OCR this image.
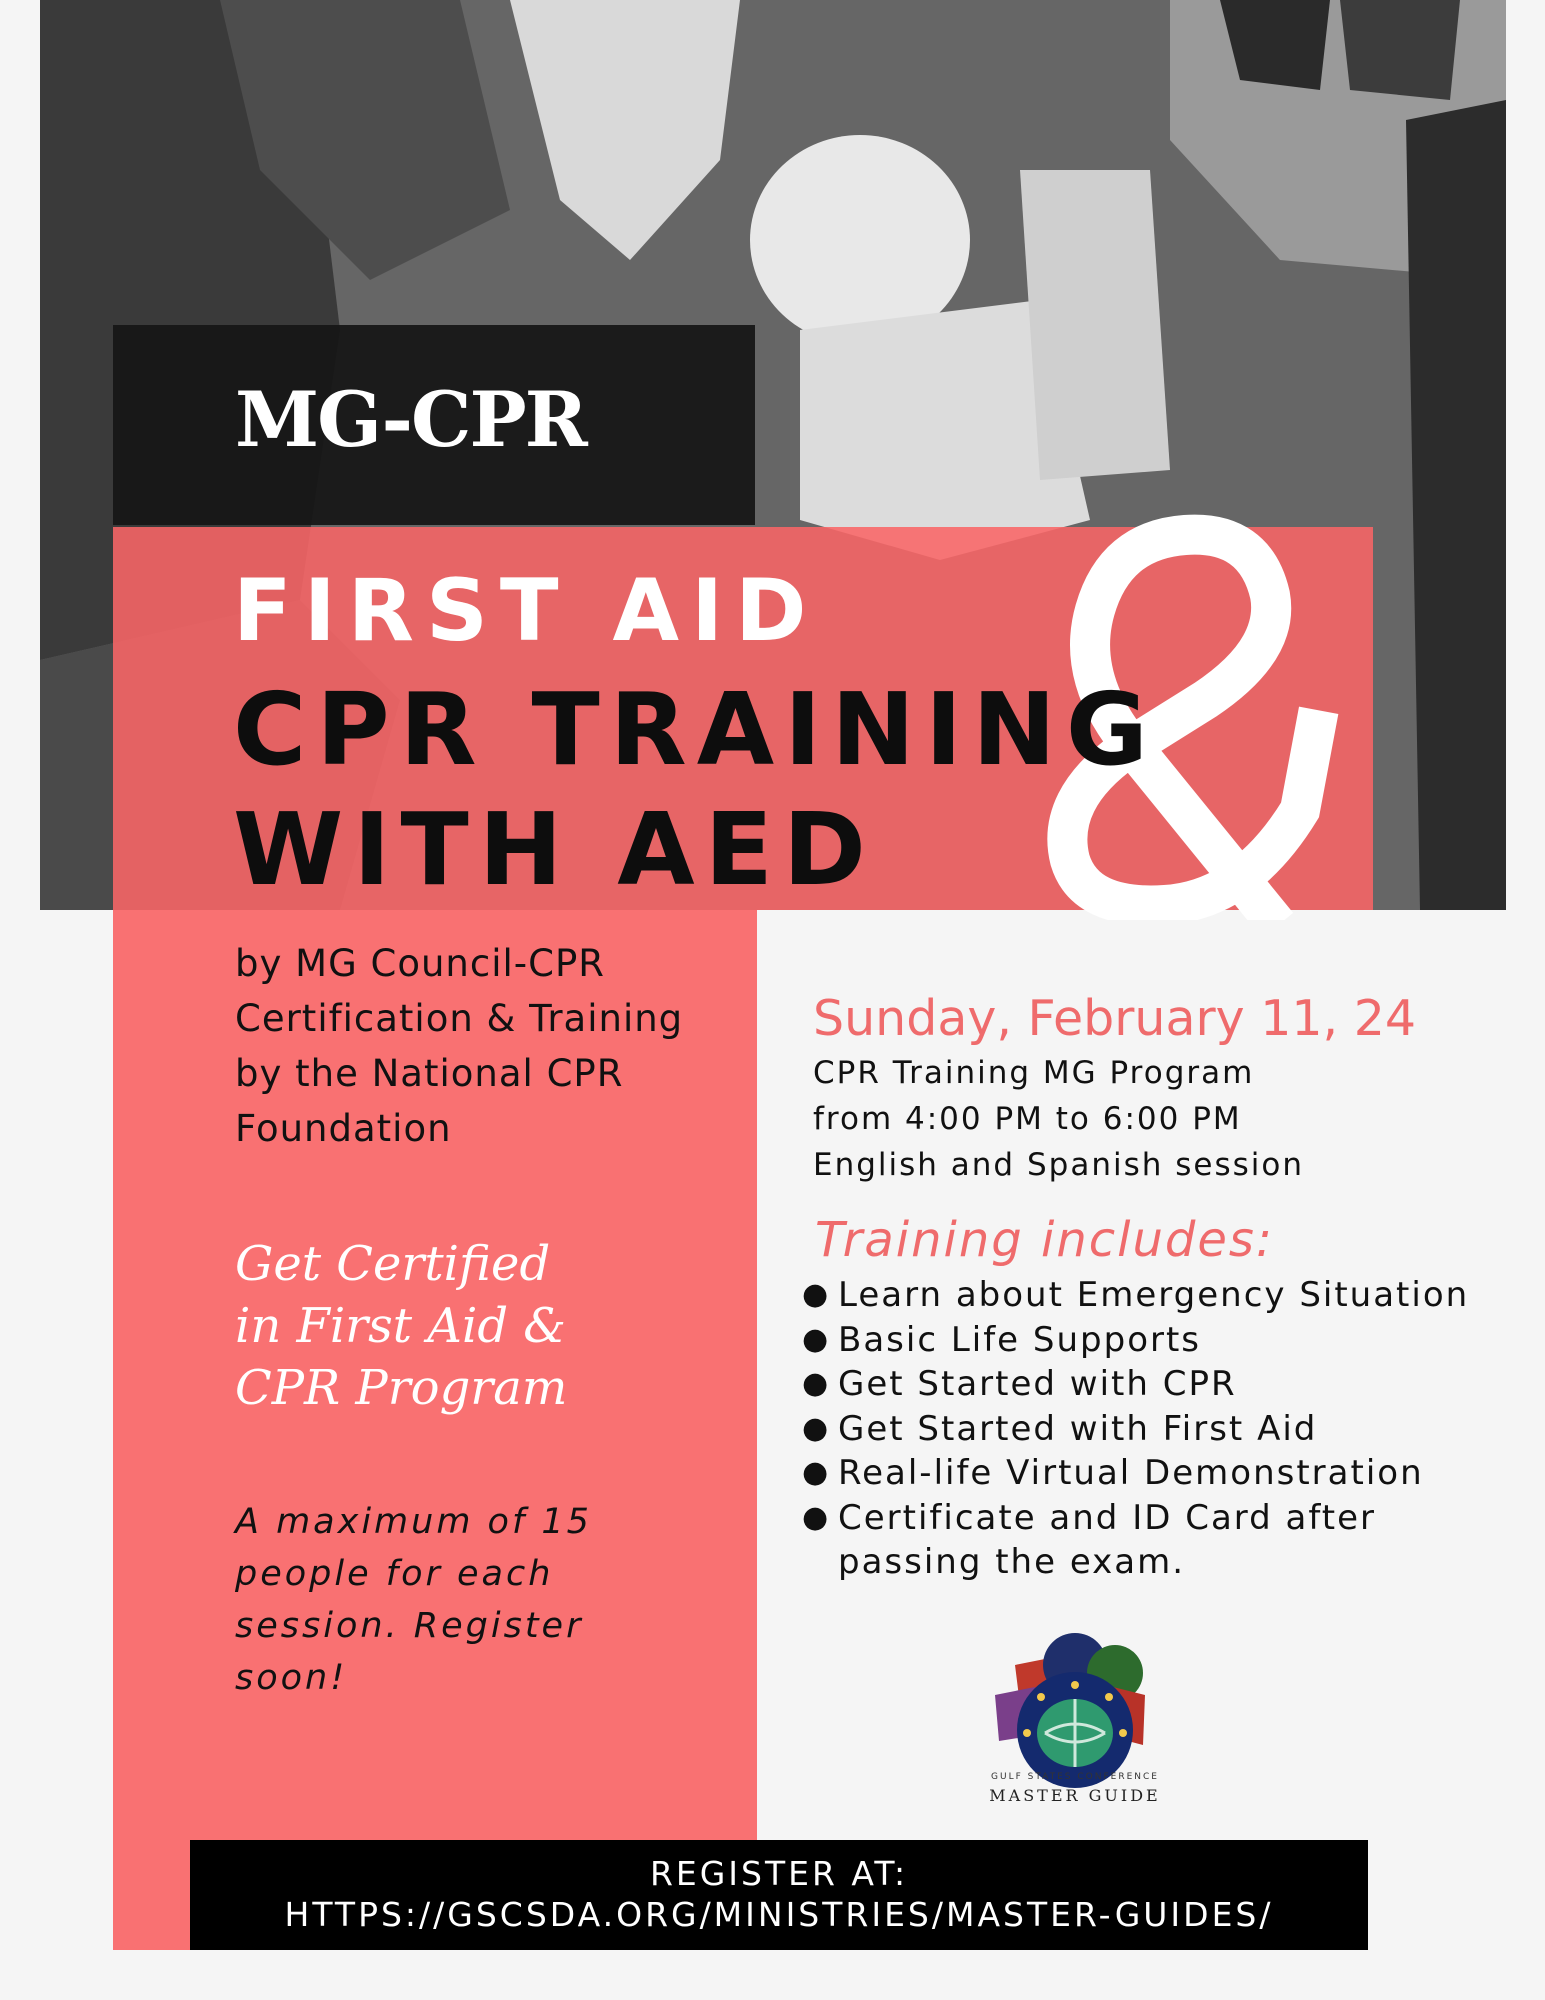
MG-CPR
FIRST AID
CPR TRAINING
WITH AED
by MG Council-CPR
Certification & Training
by the National CPR
Foundation
Get Certified
in First Aid &
CPR Program
A maximum of 15
people for each
session. Register
soon!
Sunday, February 11, 24
CPR Training MG Program
from 4:00 PM to 6:00 PM
English and Spanish session
Training includes:
● Learn about Emergency Situation
● Basic Life Supports
● Get Started with CPR
● Get Started with First Aid
● Real-life Virtual Demonstration
● Certificate and ID Card after passing the exam.
GULF STATES CONFERENCE
MASTER GUIDE
REGISTER AT:
HTTPS://GSCSDA.ORG/MINISTRIES/MASTER-GUIDES/
